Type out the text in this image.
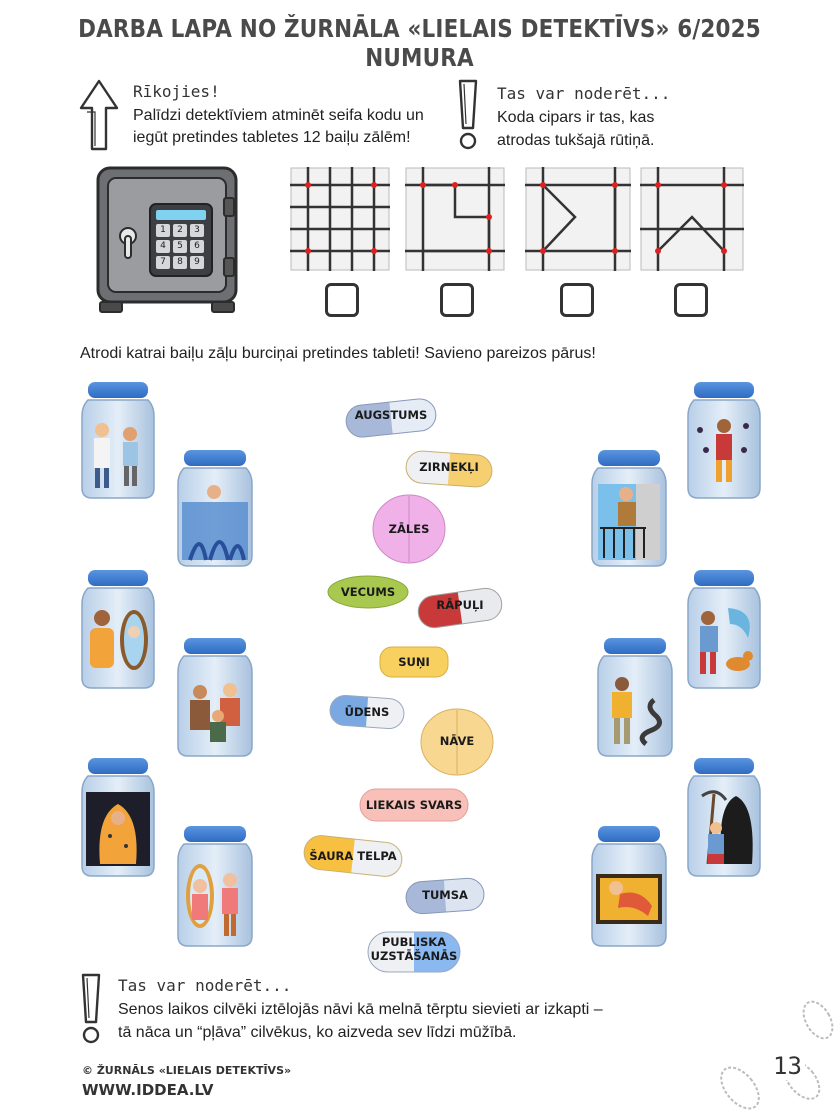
DARBA LAPA NO ŽURNĀLA «LIELAIS DETEKTĪVS» 6/2025 NUMURA
Rīkojies!
Palīdzi detektīviem atminēt seifa kodu un
iegūt pretindes tabletes 12 baiļu zālēm!
Tas var noderēt...
Koda cipars ir tas, kas
atrodas tukšajā rūtiņā.
1	2	3
4	5	6
7	8	9
Atrodi katrai baiļu zāļu burciņai pretindes tableti! Savieno pareizos pārus!
AUGSTUMS
ZIRNEKĻI
ZĀLES
VECUMS
RĀPUĻI
SUŅI
ŪDENS
NĀVE
LIEKAIS SVARS
ŠAURA TELPA
TUMSA
PUBLISKA
UZSTĀŠANĀS
Tas var noderēt...
Senos laikos cilvēki iztēlojās nāvi kā melnā tērptu sievieti ar izkapti –
tā nāca un “pļāva” cilvēkus, ko aizveda sev līdzi mūžībā.
© ŽURNĀLS «LIELAIS DETEKTĪVS»
WWW.IDDEA.LV
13
